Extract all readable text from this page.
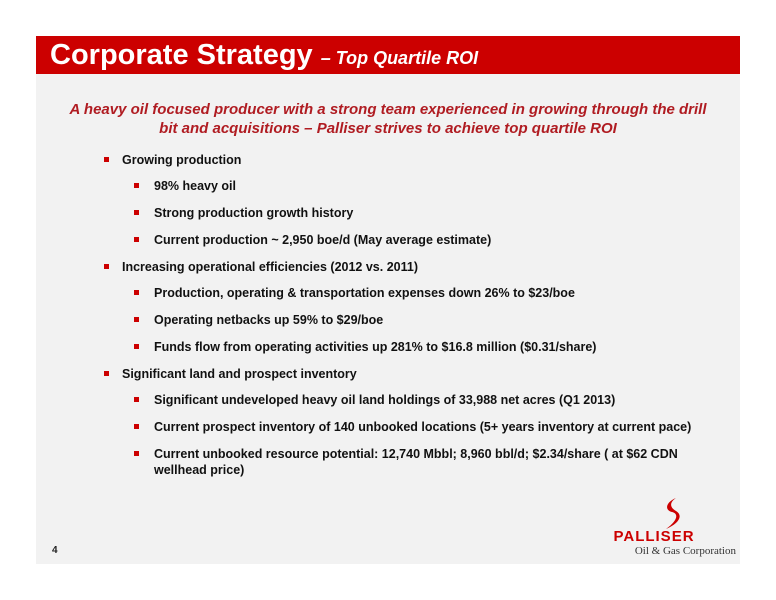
Corporate Strategy – Top Quartile ROI
A heavy oil focused producer with a strong team experienced in growing through the drill bit and acquisitions – Palliser strives to achieve top quartile ROI
Growing production
98% heavy oil
Strong production growth history
Current production ~ 2,950 boe/d (May average estimate)
Increasing operational efficiencies (2012 vs. 2011)
Production, operating & transportation expenses down 26% to $23/boe
Operating netbacks up 59% to $29/boe
Funds flow from operating activities up 281% to $16.8 million ($0.31/share)
Significant land and prospect inventory
Significant undeveloped heavy oil land holdings of 33,988 net acres (Q1 2013)
Current prospect inventory of 140 unbooked locations (5+ years inventory at current pace)
Current unbooked resource potential: 12,740 Mbbl; 8,960 bbl/d; $2.34/share ( at $62 CDN wellhead price)
4
PALLISER
Oil & Gas Corporation
